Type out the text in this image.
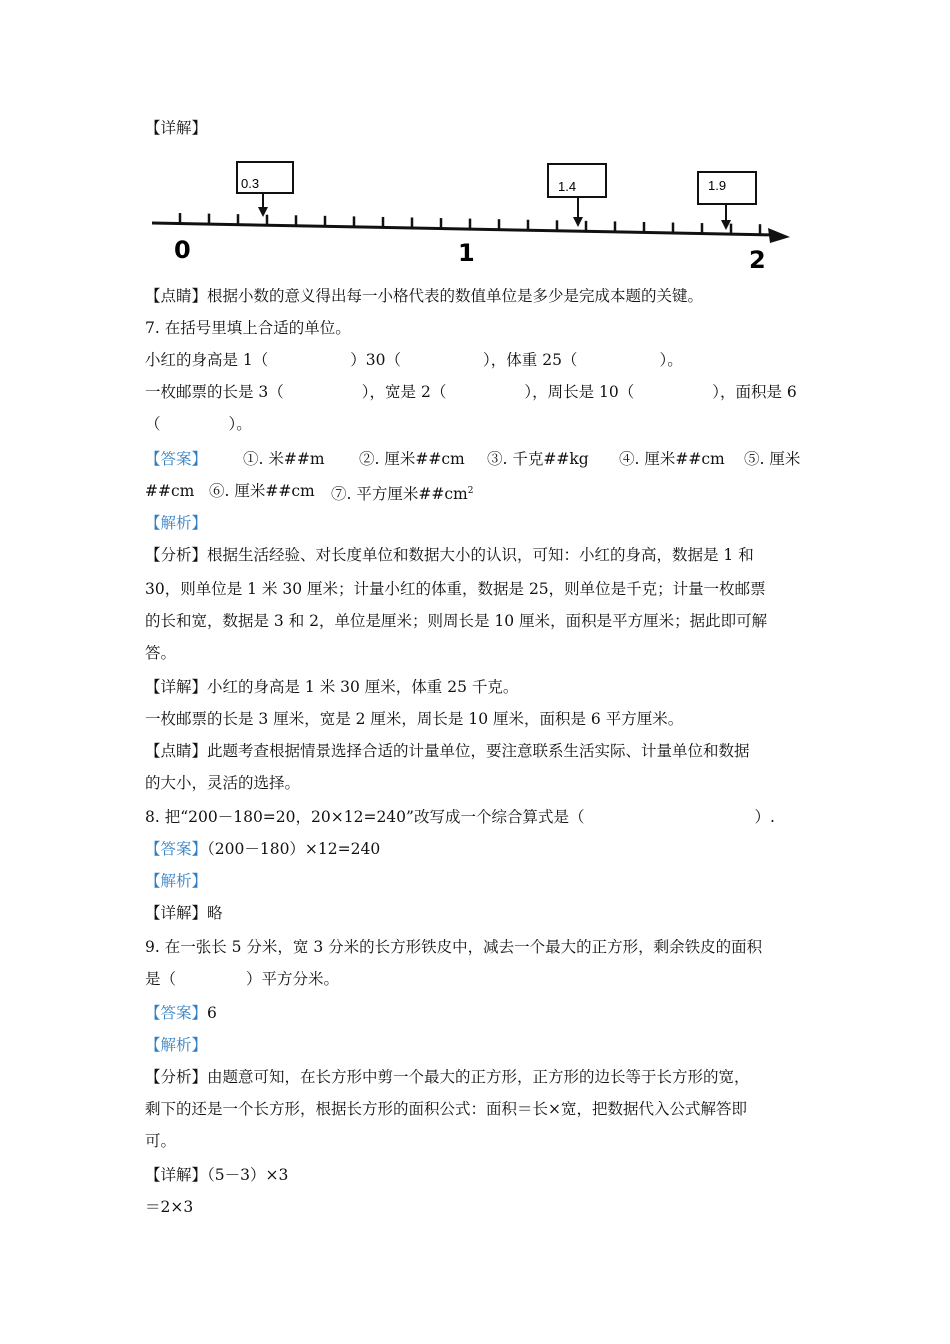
【详解】
0.3	1.4	1.9
0	1	2
【点睛】根据小数的意义得出每一小格代表的数值单位是多少是完成本题的关键。
7. 在括号里填上合适的单位。
小红的身高是 1（	）30（	），体重 25（	）。
一枚邮票的长是 3（	），宽是 2（	），周长是 10（	），面积是 6
（	）。
【答案】 ①. 米##m ②. 厘米##cm ③. 千克##kg ④. 厘米##cm ⑤. 厘米
##cm ⑥. 厘米##cm ⑦. 平方厘米$\#\#cm^2$
【解析】
【分析】根据生活经验、对长度单位和数据大小的认识，可知：小红的身高，数据是 1 和
30，则单位是 1 米 30 厘米；计量小红的体重，数据是 25，则单位是千克；计量一枚邮票
的长和宽，数据是 3 和 2，单位是厘米；则周长是 10 厘米，面积是平方厘米；据此即可解
答。
【详解】小红的身高是 1 米 30 厘米，体重 25 千克。
一枚邮票的长是 3 厘米，宽是 2 厘米，周长是 10 厘米，面积是 6 平方厘米。
【点睛】此题考查根据情景选择合适的计量单位，要注意联系生活实际、计量单位和数据
的大小，灵活的选择。
8. 把“200－180=20，20×12=240”改写成一个综合算式是（	）.
【答案】（200－180）×12=240
【解析】
【详解】略
9. 在一张长 5 分米，宽 3 分米的长方形铁皮中，减去一个最大的正方形，剩余铁皮的面积
是（	）平方分米。
【答案】6
【解析】
【分析】由题意可知，在长方形中剪一个最大的正方形，正方形的边长等于长方形的宽，
剩下的还是一个长方形，根据长方形的面积公式：面积＝长×宽，把数据代入公式解答即
可。
【详解】（5－3）×3
＝2×3
